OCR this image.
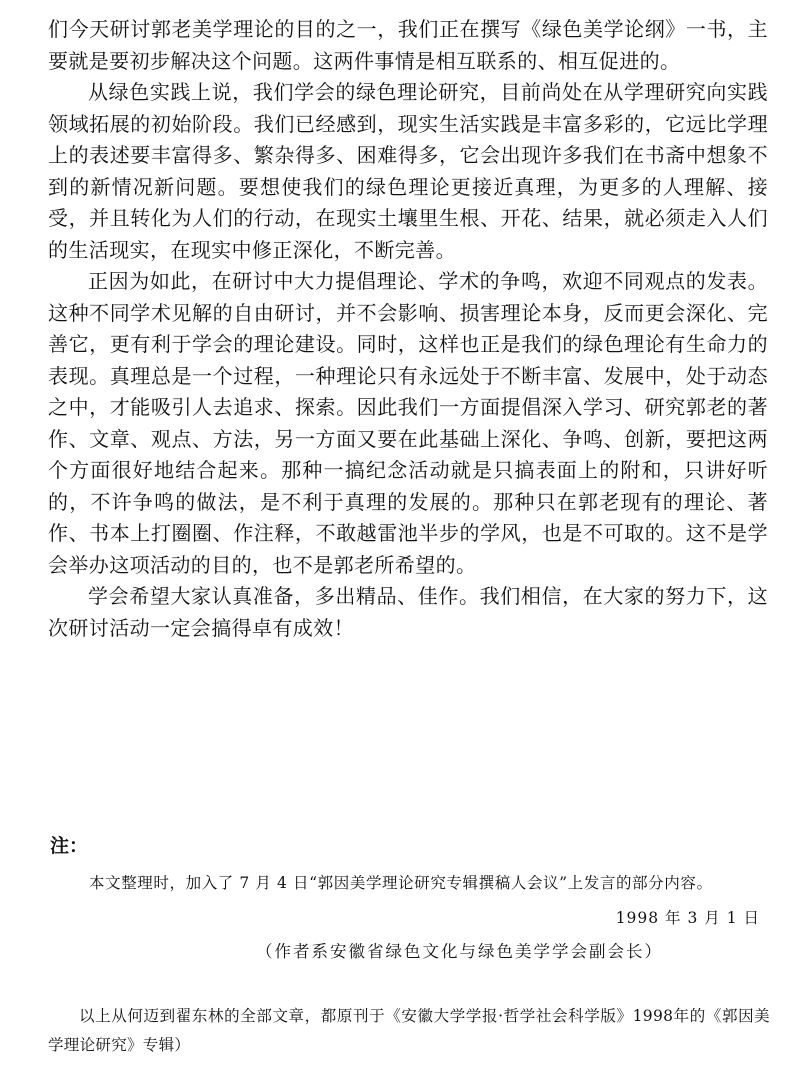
们今天研讨郭老美学理论的目的之一，我们正在撰写《绿色美学论纲》一书，主要就是要初步解决这个问题。这两件事情是相互联系的、相互促进的。

从绿色实践上说，我们学会的绿色理论研究，目前尚处在从学理研究向实践领域拓展的初始阶段。我们已经感到，现实生活实践是丰富多彩的，它远比学理上的表述要丰富得多、繁杂得多、困难得多，它会出现许多我们在书斋中想象不到的新情况新问题。要想使我们的绿色理论更接近真理，为更多的人理解、接受，并且转化为人们的行动，在现实土壤里生根、开花、结果，就必须走入人们的生活现实，在现实中修正深化，不断完善。

正因为如此，在研讨中大力提倡理论、学术的争鸣，欢迎不同观点的发表。这种不同学术见解的自由研讨，并不会影响、损害理论本身，反而更会深化、完善它，更有利于学会的理论建设。同时，这样也正是我们的绿色理论有生命力的表现。真理总是一个过程，一种理论只有永远处于不断丰富、发展中，处于动态之中，才能吸引人去追求、探索。因此我们一方面提倡深入学习、研究郭老的著作、文章、观点、方法，另一方面又要在此基础上深化、争鸣、创新，要把这两个方面很好地结合起来。那种一搞纪念活动就是只搞表面上的附和，只讲好听的，不许争鸣的做法，是不利于真理的发展的。那种只在郭老现有的理论、著作、书本上打圈圈、作注释，不敢越雷池半步的学风，也是不可取的。这不是学会举办这项活动的目的，也不是郭老所希望的。

学会希望大家认真准备，多出精品、佳作。我们相信，在大家的努力下，这次研讨活动一定会搞得卓有成效！

注：
本文整理时，加入了 7 月 4 日“郭因美学理论研究专辑撰稿人会议”上发言的部分内容。
1998 年 3 月 1 日
（作者系安徽省绿色文化与绿色美学学会副会长）
以上从何迈到翟东林的全部文章，都原刊于《安徽大学学报·哲学社会科学版》1998年的《郭因美学理论研究》专辑）
